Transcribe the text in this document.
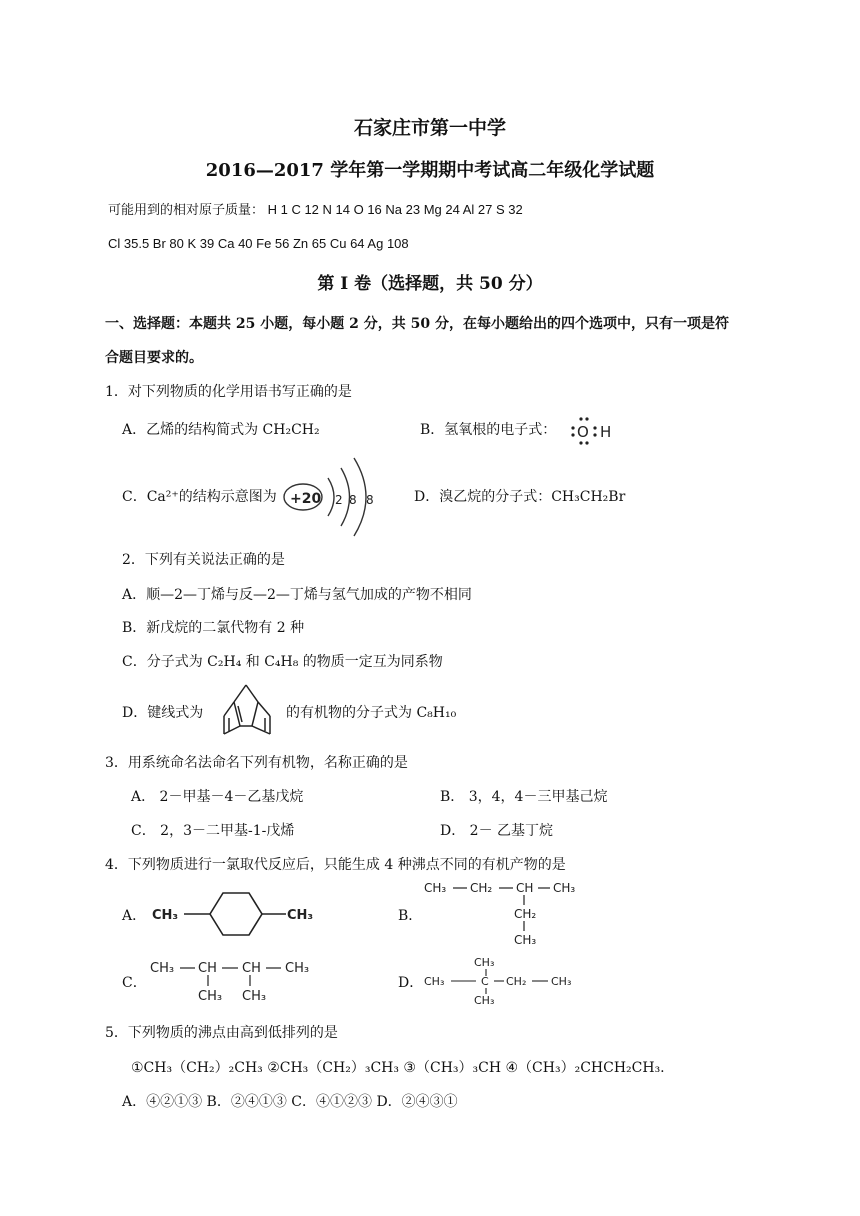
石家庄市第一中学
2016—2017 学年第一学期期中考试高二年级化学试题
可能用到的相对原子质量： H 1 C 12 N 14 O 16 Na 23 Mg 24 Al 27 S 32
Cl 35.5 Br 80 K 39 Ca 40 Fe 56 Zn 65 Cu 64 Ag 108
第 I 卷（选择题，共 50 分）
一、选择题：本题共 25 小题，每小题 2 分，共 50 分，在每小题给出的四个选项中，只有一项是符
合题目要求的。
1．对下列物质的化学用语书写正确的是
A．乙烯的结构简式为 CH₂CH₂	B．氢氧根的电子式： O H
C．Ca²⁺的结构示意图为 +20 2 8 8	D．溴乙烷的分子式：CH₃CH₂Br
2．下列有关说法正确的是
A．顺—2—丁烯与反—2—丁烯与氢气加成的产物不相同
B．新戊烷的二氯代物有 2 种
C．分子式为 C₂H₄ 和 C₄H₈ 的物质一定互为同系物
D．键线式为	的有机物的分子式为 C₈H₁₀
3．用系统命名法命名下列有机物，名称正确的是
A． 2－甲基－4－乙基戊烷	B． 3，4，4－三甲基己烷
C． 2，3－二甲基-1-戊烯	D． 2－ 乙基丁烷
4．下列物质进行一氯取代反应后，只能生成 4 种沸点不同的有机产物的是
A． CH₃	CH₃	B．
CH₃ CH₂ CH CH₃
CH₂
CH₃
C．
CH₃ CH CH CH₃
CH₃ CH₃
D．
CH₃
CH₃	C CH₂ CH₃
CH₃
5．下列物质的沸点由高到低排列的是
①CH₃（CH₂）₂CH₃ ②CH₃（CH₂）₃CH₃ ③（CH₃）₃CH ④（CH₃）₂CHCH₂CH₃.
A．④②①③ B．②④①③ C．④①②③ D．②④③①
